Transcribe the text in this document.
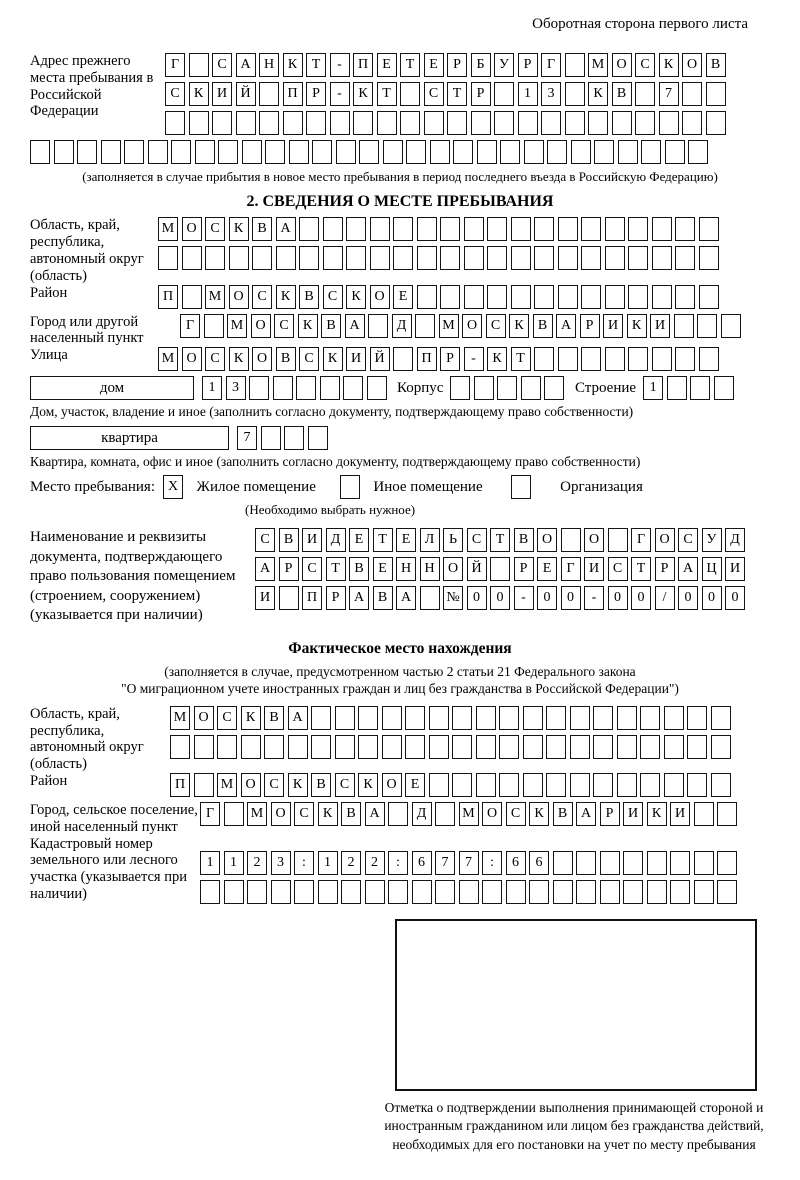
Оборотная сторона первого листа
Адрес прежнего места пребывания в Российской Федерации
Г	С А Н К	Т	-	П	Е	Т	Е	Р	Б	У	Р	Г	М О С	К О В
С	К И Й	П	Р	-	К	Т	С	Т	Р	1	3	К	В	7
(заполняется в случае прибытия в новое место пребывания в период последнего въезда в Российскую Федерацию)
2. СВЕДЕНИЯ О МЕСТЕ ПРЕБЫВАНИЯ
Область, край, республика, автономный округ (область)
М О С	К	В А
Район	П	М О С	К	В	С	К О	Е
Город или другой населенный пункт
Г	М О С	К	В А	Д	М О С	К	В А	Р	И К И
Улица	М О С	К О В	С	К И Й	П	Р	-	К	Т
дом	1	3	Корпус	Строение 1
Дом, участок, владение и иное (заполнить согласно документу, подтверждающему право собственности)
квартира	7
Квартира, комната, офис и иное (заполнить согласно документу, подтверждающему право собственности)
Место пребывания: X	Жилое помещение	Иное помещение	Организация
(Необходимо выбрать нужное)
Наименование и реквизиты документа, подтверждающего право пользования помещением (строением, сооружением) (указывается при наличии)
С	В И Д	Е	Т	Е	Л	Ь	С	Т	В О	О	Г	О С У Д
А	Р	С	Т	В	Е	Н Н О Й	Р	Е	Г	И С	Т	Р	А Ц И
И	П	Р	А В А	№ 0	0	-	0	0	-	0	0	/	0	0	0
Фактическое место нахождения
(заполняется в случае, предусмотренном частью 2 статьи 21 Федерального закона
"О миграционном учете иностранных граждан и лиц без гражданства в Российской Федерации")
Область, край, республика, автономный округ (область)
М О С	К	В А
Район	П	М О С	К	В	С	К О	Е
Город, сельское поселение, иной населенный пункт
Г	М О С	К	В А	Д	М О С	К	В А	Р	И К И
Кадастровый номер земельного или лесного участка (указывается при наличии)
1	1	2	3	:	1	2	2	:	6	7	7	:	6	6
Отметка о подтверждении выполнения принимающей стороной и иностранным гражданином или лицом без гражданства действий, необходимых для его постановки на учет по месту пребывания
